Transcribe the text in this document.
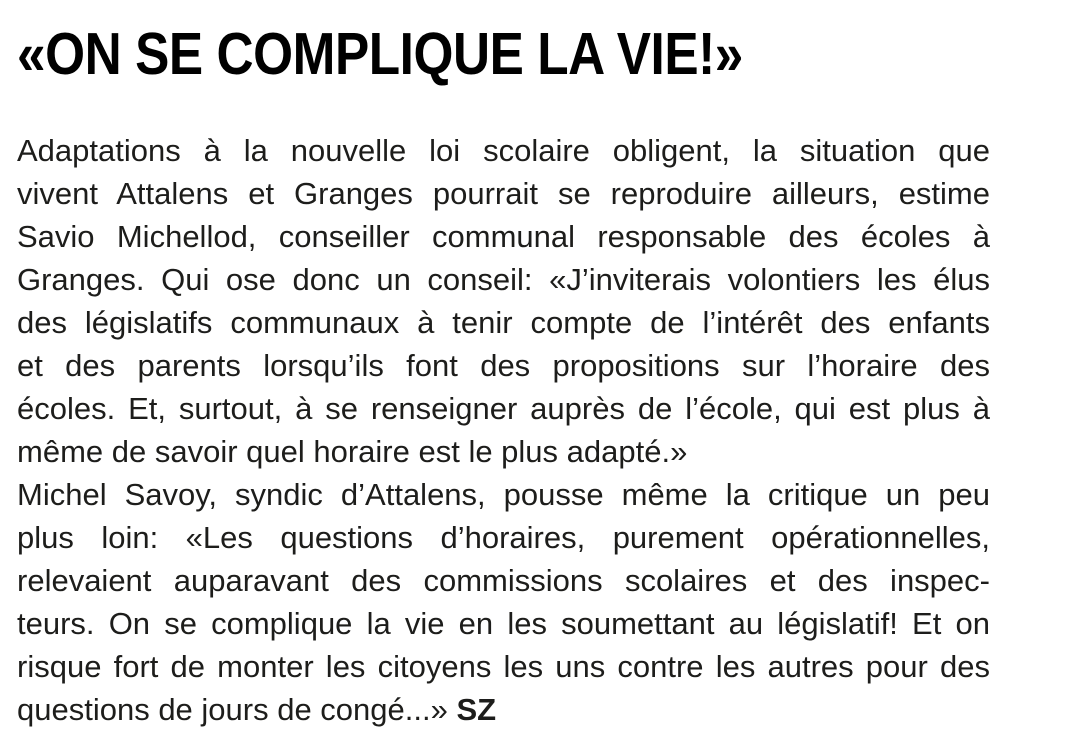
«ON SE COMPLIQUE LA VIE!»
Adaptations à la nouvelle loi scolaire obligent, la situation que
vivent Attalens et Granges pourrait se reproduire ailleurs, estime
Savio Michellod, conseiller communal responsable des écoles à
Granges. Qui ose donc un conseil: «J’inviterais volontiers les élus
des législatifs communaux à tenir compte de l’intérêt des enfants
et des parents lorsqu’ils font des propositions sur l’horaire des
écoles. Et, surtout, à se renseigner auprès de l’école, qui est plus à
même de savoir quel horaire est le plus adapté.»
Michel Savoy, syndic d’Attalens, pousse même la critique un peu
plus loin: «Les questions d’horaires, purement opérationnelles,
relevaient auparavant des commissions scolaires et des inspec-
teurs. On se complique la vie en les soumettant au législatif! Et on
risque fort de monter les citoyens les uns contre les autres pour des
questions de jours de congé...» SZ
